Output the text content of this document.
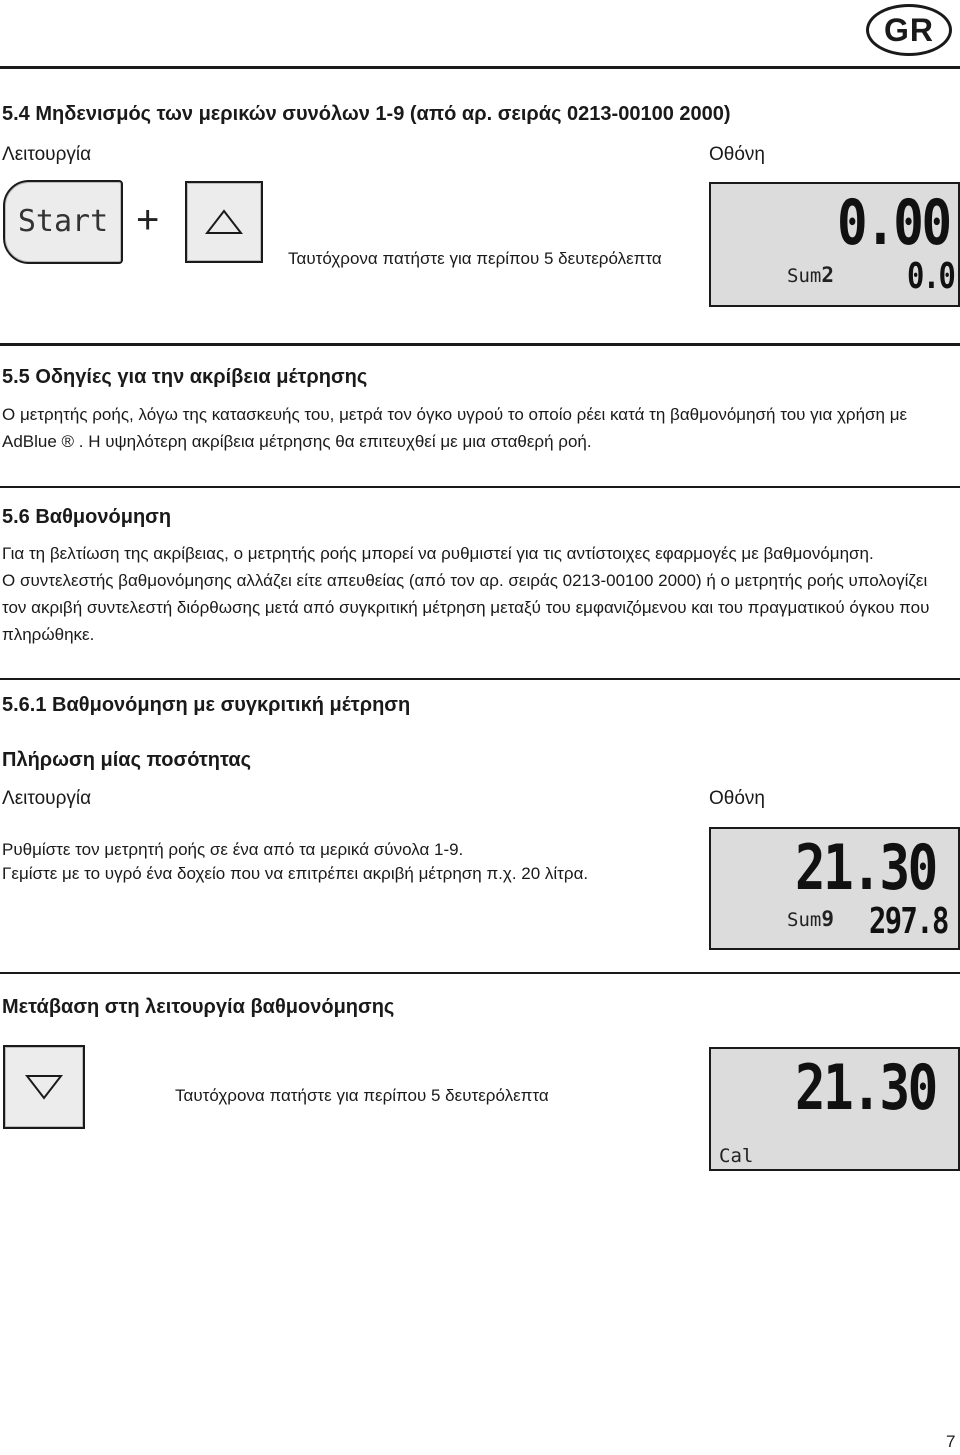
GR
5.4 Μηδενισμός των μερικών συνόλων 1-9 (από αρ. σειράς 0213-00100 2000)
Λειτουργία	Οθόνη
Start +
Ταυτόχρονα πατήστε για περίπου 5 δευτερόλεπτα	0.00
Sum2 0.0
5.5 Οδηγίες για την ακρίβεια μέτρησης
Ο μετρητής ροής, λόγω της κατασκευής του, μετρά τον όγκο υγρού το οποίο ρέει κατά τη βαθμονόμησή του για χρήση με
AdBlue ® . Η υψηλότερη ακρίβεια μέτρησης θα επιτευχθεί με μια σταθερή ροή.
5.6 Βαθμονόμηση
Για τη βελτίωση της ακρίβειας, ο μετρητής ροής μπορεί να ρυθμιστεί για τις αντίστοιχες εφαρμογές με βαθμονόμηση.
Ο συντελεστής βαθμονόμησης αλλάζει είτε απευθείας (από τον αρ. σειράς 0213-00100 2000) ή ο μετρητής ροής υπολογίζει
τον ακριβή συντελεστή διόρθωσης μετά από συγκριτική μέτρηση μεταξύ του εμφανιζόμενου και του πραγματικού όγκου που
πληρώθηκε.
5.6.1 Βαθμονόμηση με συγκριτική μέτρηση
Πλήρωση μίας ποσότητας
Λειτουργία	Οθόνη
Ρυθμίστε τον μετρητή ροής σε ένα από τα μερικά σύνολα 1-9.
Γεμίστε με το υγρό ένα δοχείο που να επιτρέπει ακριβή μέτρηση π.χ. 20 λίτρα.	21.30
Sum9 297.8
Μετάβαση στη λειτουργία βαθμονόμησης
Ταυτόχρονα πατήστε για περίπου 5 δευτερόλεπτα	21.30
Cal
7
